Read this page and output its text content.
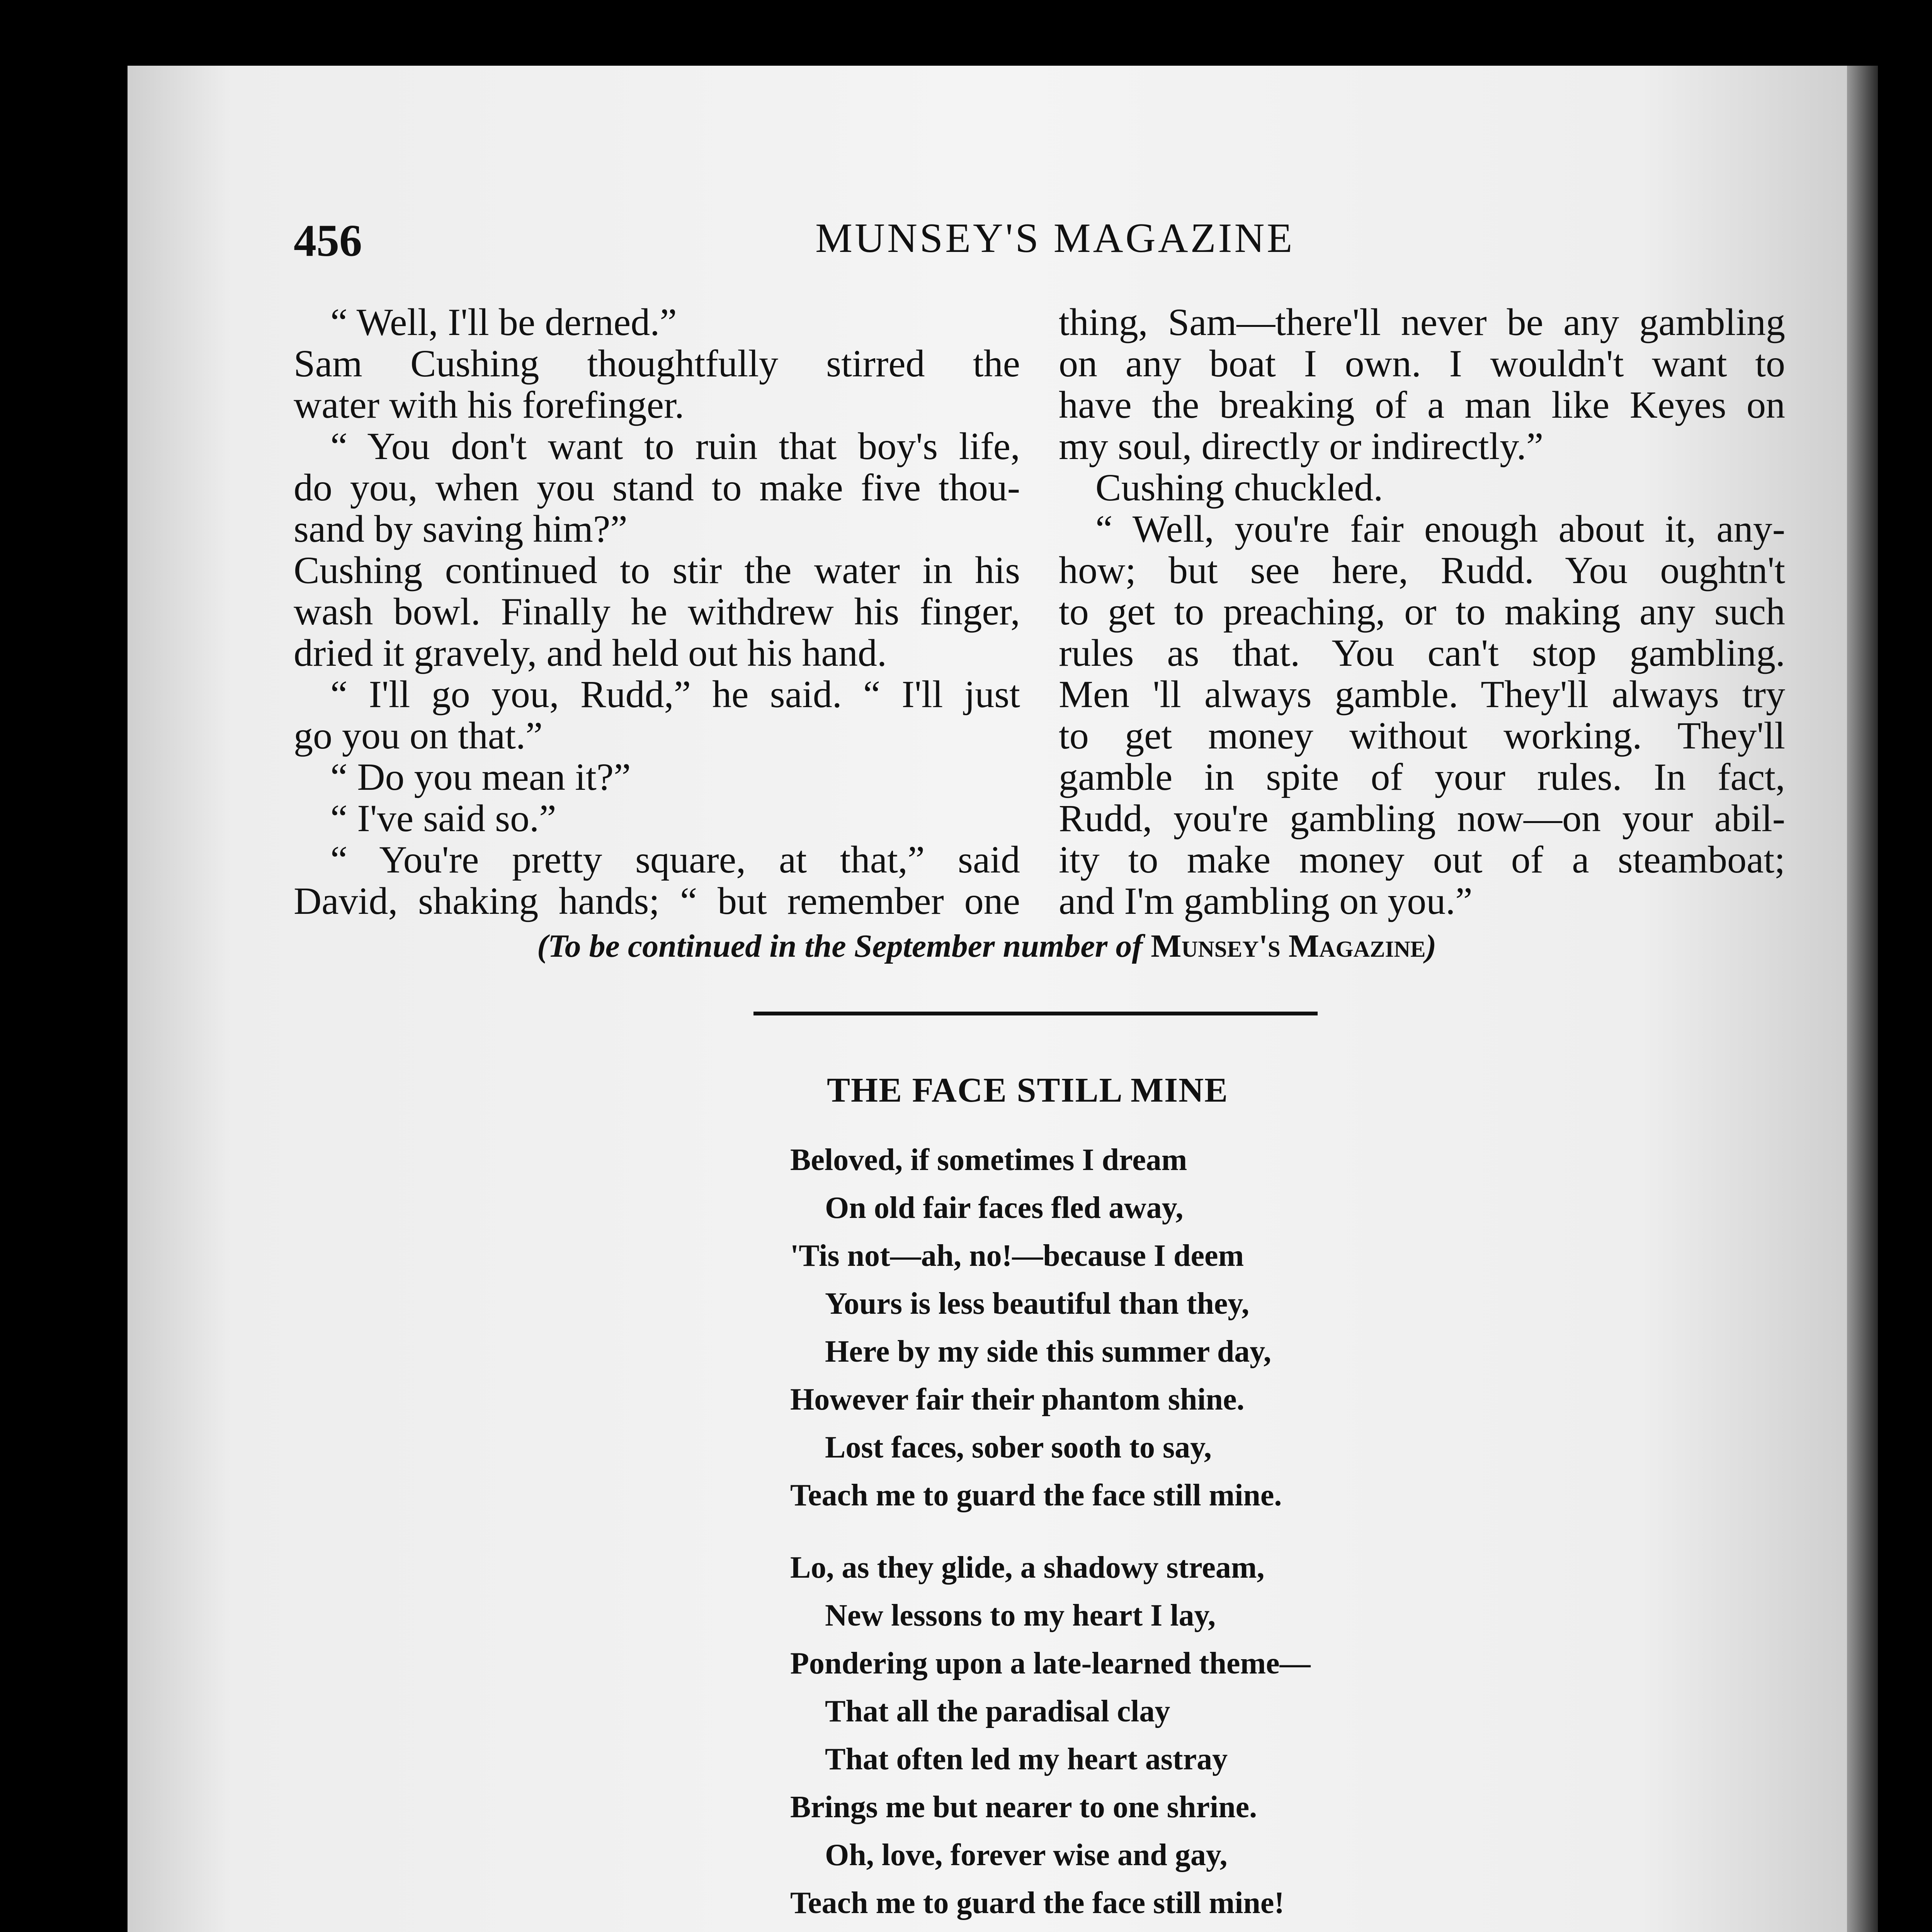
456	MUNSEY'S MAGAZINE
“ Well, I'll be derned.”
Sam Cushing thoughtfully stirred the
water with his forefinger.
“ You don't want to ruin that boy's life,
do you, when you stand to make five thou-
sand by saving him?”
Cushing continued to stir the water in his
wash bowl. Finally he withdrew his finger,
dried it gravely, and held out his hand.
“ I'll go you, Rudd,” he said. “ I'll just
go you on that.”
“ Do you mean it?”
“ I've said so.”
“ You're pretty square, at that,” said
David, shaking hands; “ but remember one
thing, Sam—there'll never be any gambling
on any boat I own. I wouldn't want to
have the breaking of a man like Keyes on
my soul, directly or indirectly.”
Cushing chuckled.
“ Well, you're fair enough about it, any-
how; but see here, Rudd. You oughtn't
to get to preaching, or to making any such
rules as that. You can't stop gambling.
Men 'll always gamble. They'll always try
to get money without working. They'll
gamble in spite of your rules. In fact,
Rudd, you're gambling now—on your abil-
ity to make money out of a steamboat;
and I'm gambling on you.”
(To be continued in the September number of Munsey's Magazine)
THE FACE STILL MINE
Beloved, if sometimes I dream
On old fair faces fled away,
'Tis not—ah, no!—because I deem
Yours is less beautiful than they,
Here by my side this summer day,
However fair their phantom shine.
Lost faces, sober sooth to say,
Teach me to guard the face still mine.
Lo, as they glide, a shadowy stream,
New lessons to my heart I lay,
Pondering upon a late-learned theme—
That all the paradisal clay
That often led my heart astray
Brings me but nearer to one shrine.
Oh, love, forever wise and gay,
Teach me to guard the face still mine!
